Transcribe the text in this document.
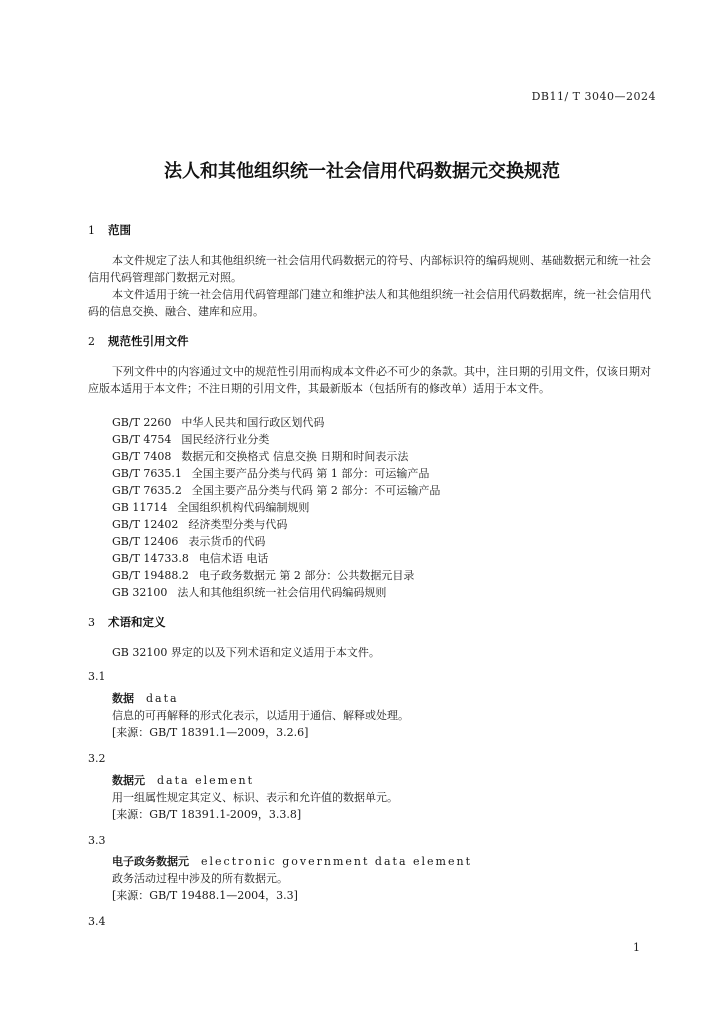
DB11/ T 3040—2024
法人和其他组织统一社会信用代码数据元交换规范
1 范围

本文件规定了法人和其他组织统一社会信用代码数据元的符号、内部标识符的编码规则、基础数据元和统一社会信用代码管理部门数据元对照。

本文件适用于统一社会信用代码管理部门建立和维护法人和其他组织统一社会信用代码数据库，统一社会信用代码的信息交换、融合、建库和应用。

2 规范性引用文件

下列文件中的内容通过文中的规范性引用而构成本文件必不可少的条款。其中，注日期的引用文件，仅该日期对应版本适用于本文件；不注日期的引用文件，其最新版本（包括所有的修改单）适用于本文件。

GB/T 2260 中华人民共和国行政区划代码
GB/T 4754 国民经济行业分类
GB/T 7408 数据元和交换格式 信息交换 日期和时间表示法
GB/T 7635.1 全国主要产品分类与代码 第 1 部分：可运输产品
GB/T 7635.2 全国主要产品分类与代码 第 2 部分：不可运输产品
GB 11714 全国组织机构代码编制规则
GB/T 12402 经济类型分类与代码
GB/T 12406 表示货币的代码
GB/T 14733.8 电信术语 电话
GB/T 19488.2 电子政务数据元 第 2 部分：公共数据元目录
GB 32100 法人和其他组织统一社会信用代码编码规则
3 术语和定义

GB 32100 界定的以及下列术语和定义适用于本文件。

3.1
数据 data
信息的可再解释的形式化表示，以适用于通信、解释或处理。
[来源：GB/T 18391.1—2009，3.2.6]
3.2
数据元 data element
用一组属性规定其定义、标识、表示和允许值的数据单元。
[来源：GB/T 18391.1-2009，3.3.8]
3.3
电子政务数据元 electronic government data element
政务活动过程中涉及的所有数据元。
[来源：GB/T 19488.1—2004，3.3]
3.4
1
